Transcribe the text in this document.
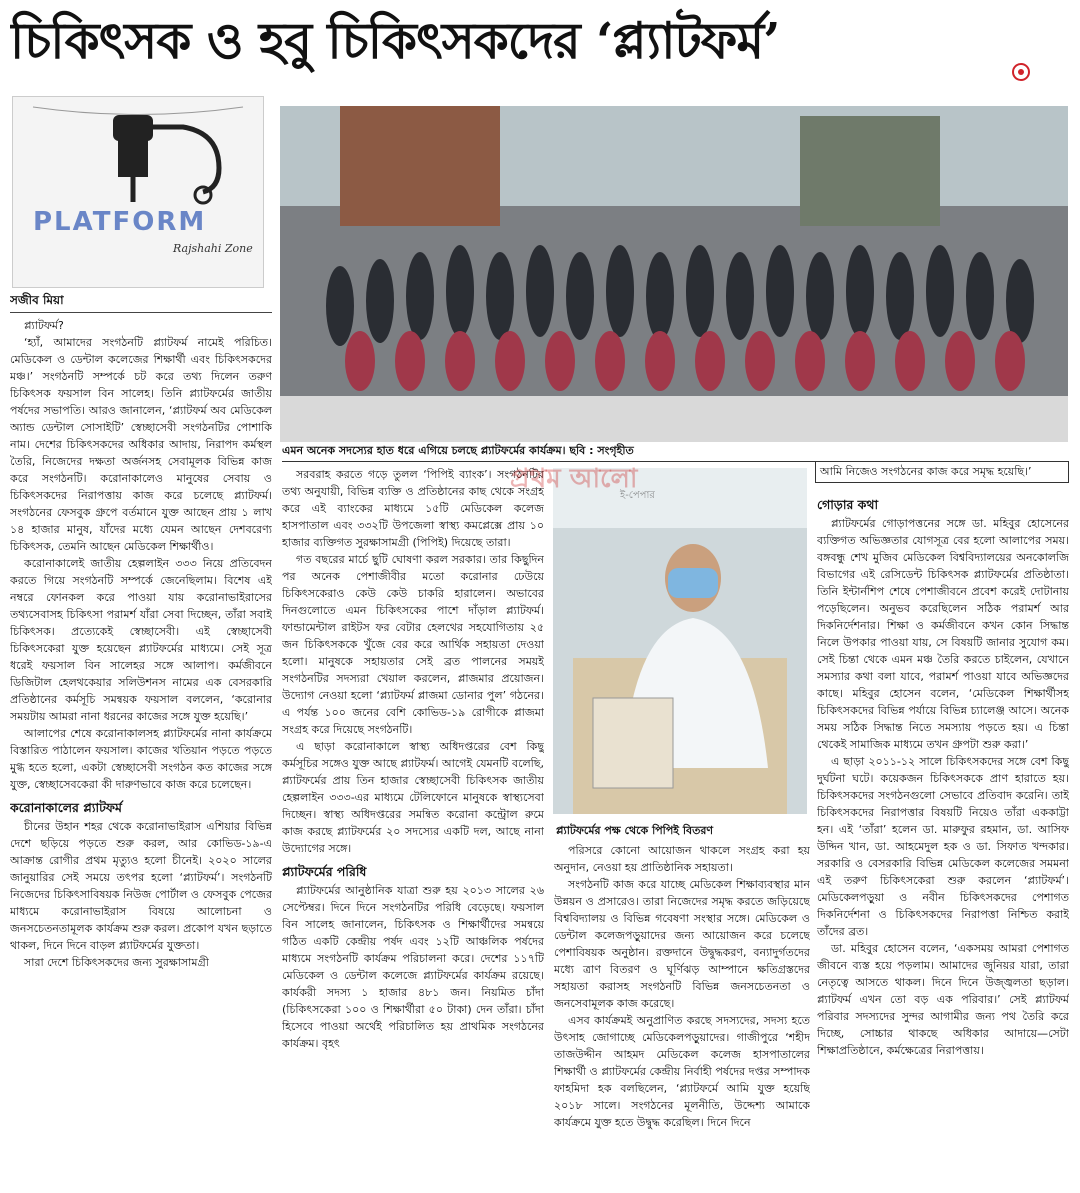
চিকিৎসক ও হবু চিকিৎসকদের ‘প্ল্যাটফর্ম’
PLATFORM
Rajshahi Zone
সজীব মিয়া

প্ল্যাটফর্ম?

‘হ্যাঁ, আমাদের সংগঠনটি প্ল্যাটফর্ম নামেই পরিচিত। মেডিকেল ও ডেন্টাল কলেজের শিক্ষার্থী এবং চিকিৎসকদের মঞ্চ।’ সংগঠনটি সম্পর্কে চট করে তথ্য দিলেন তরুণ চিকিৎসক ফয়সাল বিন সালেহ। তিনি প্ল্যাটফর্মের জাতীয় পর্ষদের সভাপতি। আরও জানালেন, ‘প্ল্যাটফর্ম অব মেডিকেল অ্যান্ড ডেন্টাল সোসাইটি’ স্বেচ্ছাসেবী সংগঠনটির পোশাকি নাম। দেশের চিকিৎসকদের অধিকার আদায়, নিরাপদ কর্মস্থল তৈরি, নিজেদের দক্ষতা অর্জনসহ সেবামূলক বিভিন্ন কাজ করে সংগঠনটি। করোনাকালেও মানুষের সেবায় ও চিকিৎসকদের নিরাপত্তায় কাজ করে চলেছে প্ল্যাটফর্ম। সংগঠনের ফেসবুক গ্রুপে বর্তমানে যুক্ত আছেন প্রায় ১ লাখ ১৪ হাজার মানুষ, যাঁদের মধ্যে যেমন আছেন দেশবরেণ্য চিকিৎসক, তেমনি আছেন মেডিকেল শিক্ষার্থীও।

করোনাকালেই জাতীয় হেল্পলাইন ৩৩৩ নিয়ে প্রতিবেদন করতে গিয়ে সংগঠনটি সম্পর্কে জেনেছিলাম। বিশেষ এই নম্বরে ফোনকল করে পাওয়া যায় করোনাভাইরাসের তথ্যসেবাসহ চিকিৎসা পরামর্শ যাঁরা সেবা দিচ্ছেন, তাঁরা সবাই চিকিৎসক। প্রত্যেকেই স্বেচ্ছাসেবী। এই স্বেচ্ছাসেবী চিকিৎসকেরা যুক্ত হয়েছেন প্ল্যাটফর্মের মাধ্যমে। সেই সূত্র ধরেই ফয়সাল বিন সালেহর সঙ্গে আলাপ। কর্মজীবনে ডিজিটাল হেলথকেয়ার সলিউশনস নামের এক বেসরকারি প্রতিষ্ঠানের কর্মসূচি সমন্বয়ক ফয়সাল বললেন, ‘করোনার সময়টায় আমরা নানা ধরনের কাজের সঙ্গে যুক্ত হয়েছি।’

আলাপের শেষে করোনাকালসহ প্ল্যাটফর্মের নানা কার্যক্রমে বিস্তারিত পাঠালেন ফয়সাল। কাজের খতিয়ান পড়তে পড়তে মুগ্ধ হতে হলো, একটা স্বেচ্ছাসেবী সংগঠন কত কাজের সঙ্গে যুক্ত, স্বেচ্ছাসেবকেরা কী দারুণভাবে কাজ করে চলেছেন।

করোনাকালের প্ল্যাটফর্ম

চীনের উহান শহর থেকে করোনাভাইরাস এশিয়ার বিভিন্ন দেশে ছড়িয়ে পড়তে শুরু করল, আর কোভিড-১৯-এ আক্রান্ত রোগীর প্রথম মৃত্যুও হলো চীনেই। ২০২০ সালের জানুয়ারির সেই সময়ে তৎপর হলো ‘প্ল্যাটফর্ম’। সংগঠনটি নিজেদের চিকিৎসাবিষয়ক নিউজ পোর্টাল ও ফেসবুক পেজের মাধ্যমে করোনাভাইরাস বিষয়ে আলোচনা ও জনসচেতনতামূলক কার্যক্রম শুরু করল। প্রকোপ যখন ছড়াতে থাকল, দিনে দিনে বাড়ল প্ল্যাটফর্মের যুক্ততা।

সারা দেশে চিকিৎসকদের জন্য সুরক্ষাসামগ্রী

এমন অনেক সদস্যের হাত ধরে এগিয়ে চলছে প্ল্যাটফর্মের কার্যক্রম। ছবি : সংগৃহীত

সরবরাহ করতে গড়ে তুলল ‘পিপিই ব্যাংক’। সংগঠনটির তথ্য অনুযায়ী, বিভিন্ন ব্যক্তি ও প্রতিষ্ঠানের কাছ থেকে সংগ্রহ করে এই ব্যাংকের মাধ্যমে ১৫টি মেডিকেল কলেজ হাসপাতাল এবং ৩৩২টি উপজেলা স্বাস্থ্য কমপ্লেক্সে প্রায় ১০ হাজার ব্যক্তিগত সুরক্ষাসামগ্রী (পিপিই) দিয়েছে তারা।

গত বছরের মার্চে ছুটি ঘোষণা করল সরকার। তার কিছুদিন পর অনেক পেশাজীবীর মতো করোনার ঢেউয়ে চিকিৎসকেরাও কেউ কেউ চাকরি হারালেন। অভাবের দিনগুলোতে এমন চিকিৎসকের পাশে দাঁড়াল প্ল্যাটফর্ম। ফান্ডামেন্টাল রাইটস ফর বেটার হেলথের সহযোগিতায় ২৫ জন চিকিৎসককে খুঁজে বের করে আর্থিক সহায়তা দেওয়া হলো। মানুষকে সহায়তার সেই ব্রত পালনের সময়ই সংগঠনটির সদস্যরা খেয়াল করলেন, প্লাজমার প্রয়োজন। উদ্যোগ নেওয়া হলো ‘প্ল্যাটফর্ম প্লাজমা ডোনার পুল’ গঠনের। এ পর্যন্ত ১০০ জনের বেশি কোভিড-১৯ রোগীকে প্লাজমা সংগ্রহ করে দিয়েছে সংগঠনটি।

এ ছাড়া করোনাকালে স্বাস্থ্য অধিদপ্তরের বেশ কিছু কর্মসূচির সঙ্গেও যুক্ত আছে প্ল্যাটফর্ম। আগেই যেমনটি বলেছি, প্ল্যাটফর্মের প্রায় তিন হাজার স্বেচ্ছাসেবী চিকিৎসক জাতীয় হেল্পলাইন ৩৩৩-এর মাধ্যমে টেলিফোনে মানুষকে স্বাস্থ্যসেবা দিচ্ছেন। স্বাস্থ্য অধিদপ্তরের সমন্বিত করোনা কন্ট্রোল রুমে কাজ করছে প্ল্যাটফর্মের ২০ সদস্যের একটি দল, আছে নানা উদ্যোগের সঙ্গে।

প্ল্যাটফর্মের পরিধি

প্ল্যাটফর্মের আনুষ্ঠানিক যাত্রা শুরু হয় ২০১৩ সালের ২৬ সেপ্টেম্বর। দিনে দিনে সংগঠনটির পরিধি বেড়েছে। ফয়সাল বিন সালেহ জানালেন, চিকিৎসক ও শিক্ষার্থীদের সমন্বয়ে গঠিত একটি কেন্দ্রীয় পর্ষদ এবং ১২টি আঞ্চলিক পর্ষদের মাধ্যমে সংগঠনটি কার্যক্রম পরিচালনা করে। দেশের ১১৭টি মেডিকেল ও ডেন্টাল কলেজে প্ল্যাটফর্মের কার্যক্রম রয়েছে। কার্যকরী সদস্য ১ হাজার ৪৮১ জন। নিয়মিত চাঁদা (চিকিৎসকেরা ১০০ ও শিক্ষার্থীরা ৫০ টাকা) দেন তাঁরা। চাঁদা হিসেবে পাওয়া অর্থেই পরিচালিত হয় প্রাথমিক সংগঠনের কার্যক্রম। বৃহৎ

প্রথম আলো
ই-পেপার
প্ল্যাটফর্মের পক্ষ থেকে পিপিই বিতরণ

পরিসরে কোনো আয়োজন থাকলে সংগ্রহ করা হয় অনুদান, নেওয়া হয় প্রাতিষ্ঠানিক সহায়তা।

সংগঠনটি কাজ করে যাচ্ছে মেডিকেল শিক্ষাব্যবস্থার মান উন্নয়ন ও প্রসারেও। তারা নিজেদের সমৃদ্ধ করতে জড়িয়েছে বিশ্ববিদ্যালয় ও বিভিন্ন গবেষণা সংস্থার সঙ্গে। মেডিকেল ও ডেন্টাল কলেজপড়ুয়াদের জন্য আয়োজন করে চলেছে পেশাবিষয়ক অনুষ্ঠান। রক্তদানে উদ্বুদ্ধকরণ, বন্যাদুর্গতদের মধ্যে ত্রাণ বিতরণ ও ঘূর্ণিঝড় আম্পানে ক্ষতিগ্রস্তদের সহায়তা করাসহ সংগঠনটি বিভিন্ন জনসচেতনতা ও জনসেবামূলক কাজ করেছে।

এসব কার্যক্রমই অনুপ্রাণিত করছে সদস্যদের, সদস্য হতে উৎসাহ জোগাচ্ছে মেডিকেলপড়ুয়াদের। গাজীপুরে ‘শহীদ তাজউদ্দীন আহমদ মেডিকেল কলেজ হাসপাতালের শিক্ষার্থী ও প্ল্যাটফর্মের কেন্দ্রীয় নির্বাহী পর্ষদের দপ্তর সম্পাদক ফাহমিদা হক বলছিলেন, ‘প্ল্যাটফর্মে আমি যুক্ত হয়েছি ২০১৮ সালে। সংগঠনের মূলনীতি, উদ্দেশ্য আমাকে কার্যক্রমে যুক্ত হতে উদ্বুদ্ধ করেছিল। দিনে দিনে

আমি নিজেও সংগঠনের কাজ করে সমৃদ্ধ হয়েছি।’
গোড়ার কথা

প্ল্যাটফর্মের গোড়াপত্তনের সঙ্গে ডা. মহিবুর হোসেনের ব্যক্তিগত অভিজ্ঞতার যোগসূত্র বের হলো আলাপের সময়। বঙ্গবন্ধু শেখ মুজিব মেডিকেল বিশ্ববিদ্যালয়ের অনকোলজি বিভাগের এই রেসিডেন্ট চিকিৎসক প্ল্যাটফর্মের প্রতিষ্ঠাতা। তিনি ইন্টার্নশিপ শেষে পেশাজীবনে প্রবেশ করেই দোটানায় পড়েছিলেন। অনুভব করেছিলেন সঠিক পরামর্শ আর দিকনির্দেশনার। শিক্ষা ও কর্মজীবনে কখন কোন সিদ্ধান্ত নিলে উপকার পাওয়া যায়, সে বিষয়টি জানার সুযোগ কম। সেই চিন্তা থেকে এমন মঞ্চ তৈরি করতে চাইলেন, যেখানে সমস্যার কথা বলা যাবে, পরামর্শ পাওয়া যাবে অভিজ্ঞদের কাছে। মহিবুর হোসেন বলেন, ‘মেডিকেল শিক্ষার্থীসহ চিকিৎসকদের বিভিন্ন পর্যায়ে বিভিন্ন চ্যালেঞ্জ আসে। অনেক সময় সঠিক সিদ্ধান্ত নিতে সমস্যায় পড়তে হয়। এ চিন্তা থেকেই সামাজিক মাধ্যমে তখন গ্রুপটা শুরু করা।’

এ ছাড়া ২০১১-১২ সালে চিকিৎসকদের সঙ্গে বেশ কিছু দুর্ঘটনা ঘটে। কয়েকজন চিকিৎসককে প্রাণ হারাতে হয়। চিকিৎসকদের সংগঠনগুলো সেভাবে প্রতিবাদ করেনি। তাই চিকিৎসকদের নিরাপত্তার বিষয়টি নিয়েও তাঁরা এককাট্টা হন। এই ‘তাঁরা’ হলেন ডা. মারুফুর রহমান, ডা. আসিফ উদ্দিন খান, ডা. আহমেদুল হক ও ডা. সিফাত খন্দকার। সরকারি ও বেসরকারি বিভিন্ন মেডিকেল কলেজের সমমনা এই তরুণ চিকিৎসকেরা শুরু করলেন ‘প্ল্যাটফর্ম’। মেডিকেলপড়ুয়া ও নবীন চিকিৎসকদের পেশাগত দিকনির্দেশনা ও চিকিৎসকদের নিরাপত্তা নিশ্চিত করাই তাঁদের ব্রত।

ডা. মহিবুর হোসেন বলেন, ‘একসময় আমরা পেশাগত জীবনে ব্যস্ত হয়ে পড়লাম। আমাদের জুনিয়র যারা, তারা নেতৃত্বে আসতে থাকল। দিনে দিনে উজ্জ্বলতা ছড়াল। প্ল্যাটফর্ম এখন তো বড় এক পরিবার।’ সেই প্ল্যাটফর্ম পরিবার সদস্যদের সুন্দর আগামীর জন্য পথ তৈরি করে দিচ্ছে, সোচ্চার থাকছে অধিকার আদায়ে—সেটা শিক্ষাপ্রতিষ্ঠানে, কর্মক্ষেত্রের নিরাপত্তায়।
